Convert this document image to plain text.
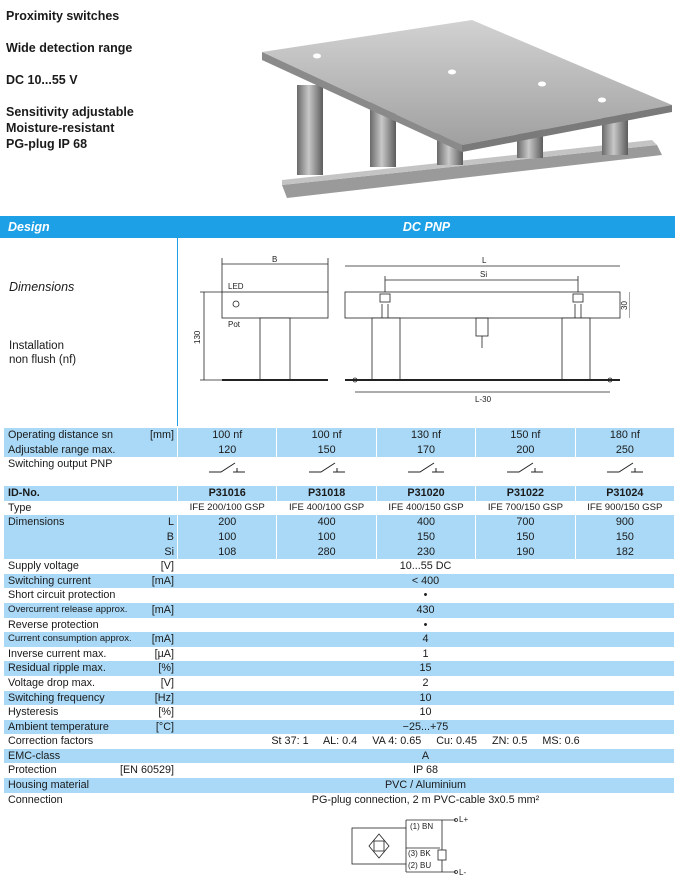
Proximity switches
Wide detection range
DC 10...55 V
Sensitivity adjustable
Moisture-resistant
PG-plug IP 68
Design	DC PNP
Dimensions
Installation
non flush (nf)
B
LED
Pot
130
L
Si
30
L-30
Operating distance sn	[mm]	100 nf	100 nf	130 nf	150 nf	180 nf
Adjustable range max.	120	150	170	200	250
Switching output PNP
ID-No.	P31016	P31018	P31020	P31022	P31024
Type	IFE 200/100 GSP	IFE 400/100 GSP	IFE 400/150 GSP	IFE 700/150 GSP	IFE 900/150 GSP
Dimensions	L	200	400	400	700	900
B	100	100	150	150	150
Si	108	280	230	190	182
Supply voltage	[V]	10...55 DC
Switching current	[mA]	< 400
Short circuit protection	•
Overcurrent release approx. [mA]	430
Reverse protection	•
Current consumption approx. [mA]	4
Inverse current max.	[µA]	1
Residual ripple max.	[%]	15
Voltage drop max.	[V]	2
Switching frequency	[Hz]	10
Hysteresis	[%]	10
Ambient temperature	[°C]	−25...+75
Correction factors	St 37: 1     AL: 0.4     VA 4: 0.65     Cu: 0.45     ZN: 0.5     MS: 0.6
EMC-class	A
Protection	[EN 60529]	IP 68
Housing material	PVC / Aluminium
Connection	PG-plug connection, 2 m PVC-cable 3x0.5 mm²
(1) BN
(3) BK
(2) BU
L+
L-
